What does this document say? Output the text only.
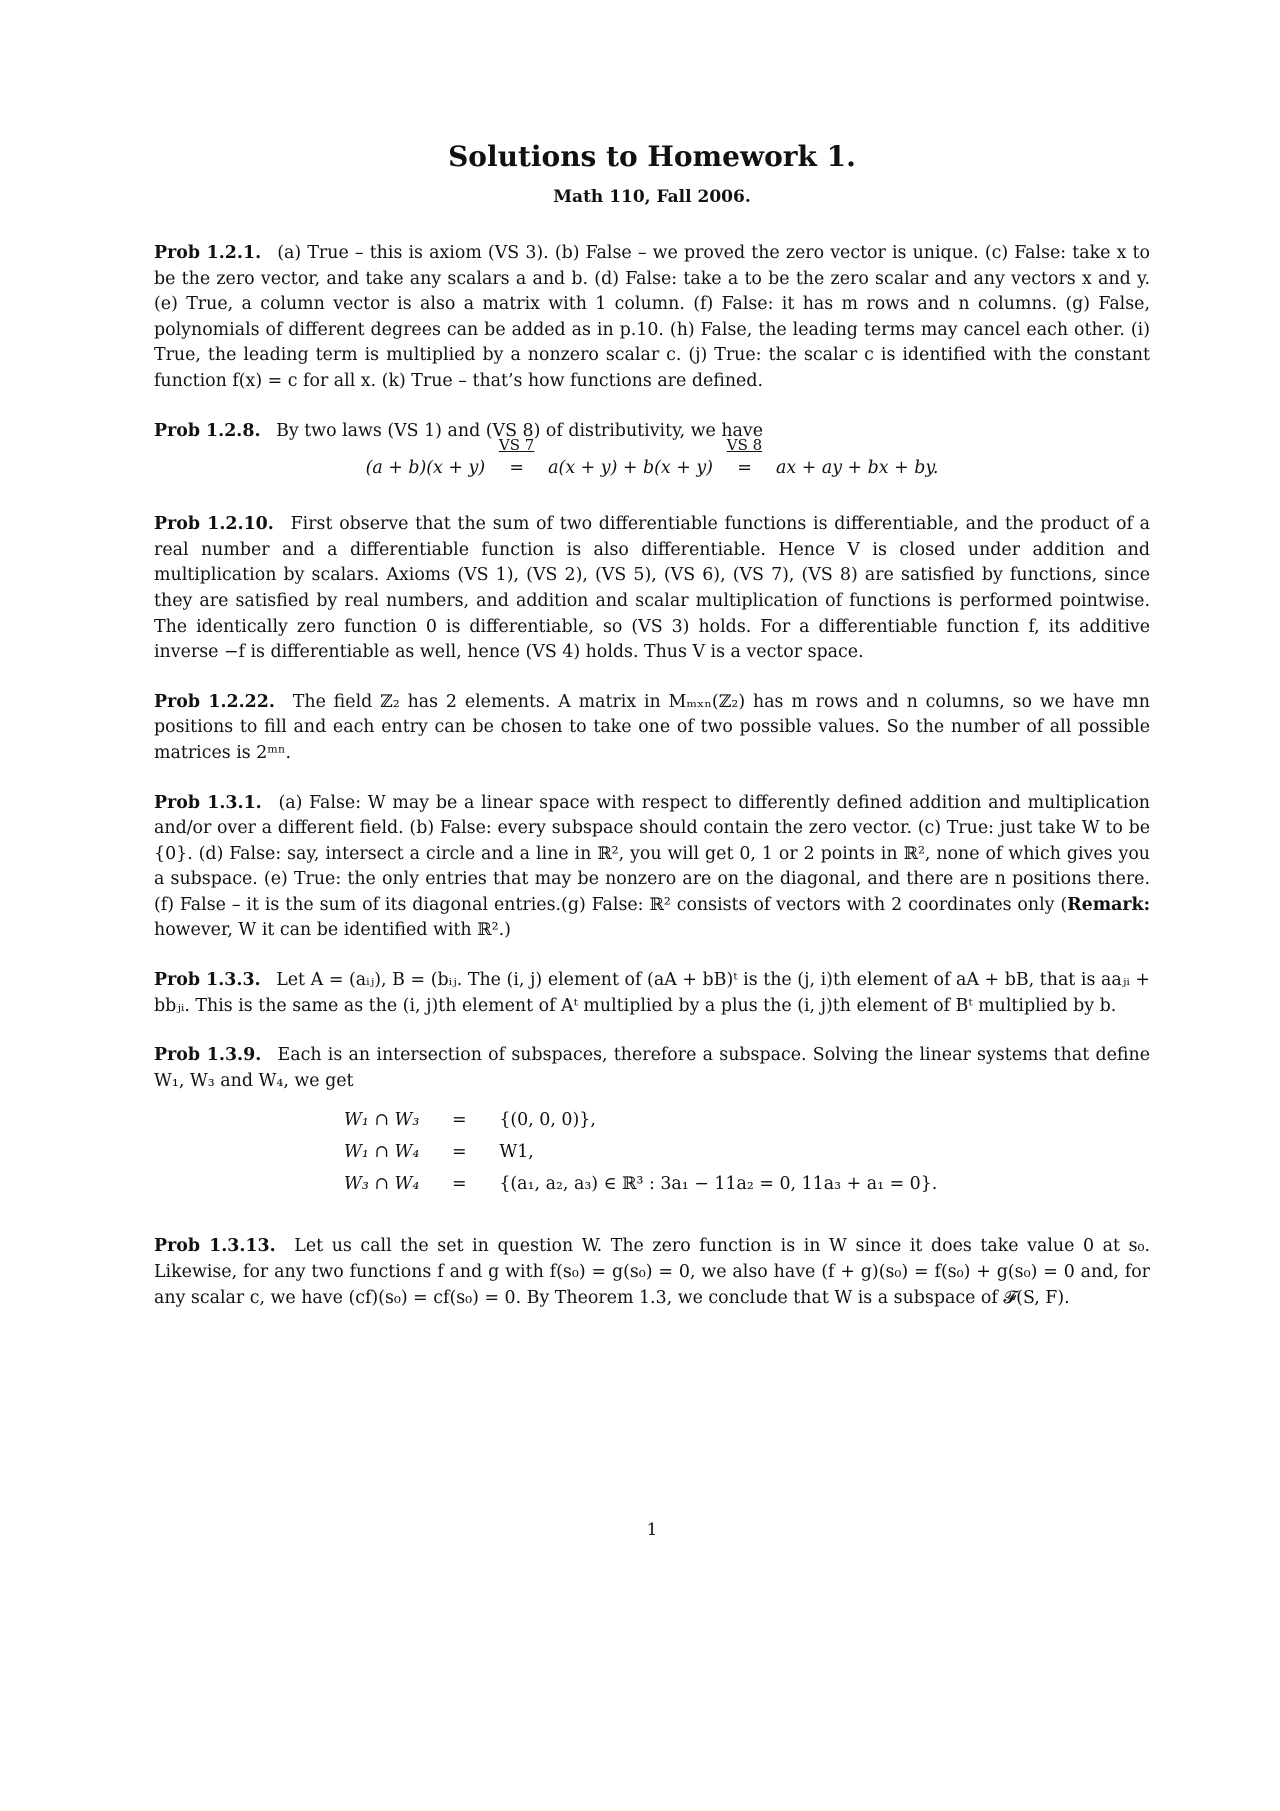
Solutions to Homework 1.
Math 110, Fall 2006.

Prob 1.2.1. (a) True – this is axiom (VS 3). (b) False – we proved the zero vector is unique. (c) False: take x to be the zero vector, and take any scalars a and b. (d) False: take a to be the zero scalar and any vectors x and y. (e) True, a column vector is also a matrix with 1 column. (f) False: it has m rows and n columns. (g) False, polynomials of different degrees can be added as in p.10. (h) False, the leading terms may cancel each other. (i) True, the leading term is multiplied by a nonzero scalar c. (j) True: the scalar c is identified with the constant function f(x) = c for all x. (k) True – that’s how functions are defined.

Prob 1.2.8. By two laws (VS 1) and (VS 8) of distributivity, we have

(a + b)(x + y)
VS 7
= a(x + y) + b(x + y)
VS 8
= ax + ay + bx + by.

Prob 1.2.10. First observe that the sum of two differentiable functions is differentiable, and the product of a real number and a differentiable function is also differentiable. Hence V is closed under addition and multiplication by scalars. Axioms (VS 1), (VS 2), (VS 5), (VS 6), (VS 7), (VS 8) are satisfied by functions, since they are satisfied by real numbers, and addition and scalar multiplication of functions is performed pointwise. The identically zero function 0 is differentiable, so (VS 3) holds. For a differentiable function f, its additive inverse −f is differentiable as well, hence (VS 4) holds. Thus V is a vector space.

Prob 1.2.22. The field ℤ₂ has 2 elements. A matrix in Mₘₓₙ(ℤ₂) has m rows and n columns, so we have mn positions to fill and each entry can be chosen to take one of two possible values. So the number of all possible matrices is 2ᵐⁿ.

Prob 1.3.1. (a) False: W may be a linear space with respect to differently defined addition and multiplication and/or over a different field. (b) False: every subspace should contain the zero vector. (c) True: just take W to be {0}. (d) False: say, intersect a circle and a line in ℝ², you will get 0, 1 or 2 points in ℝ², none of which gives you a subspace. (e) True: the only entries that may be nonzero are on the diagonal, and there are n positions there. (f) False – it is the sum of its diagonal entries.(g) False: ℝ² consists of vectors with 2 coordinates only (Remark: however, W it can be identified with ℝ².)

Prob 1.3.3. Let A = (aᵢⱼ), B = (bᵢⱼ. The (i, j) element of (aA + bB)ᵗ is the (j, i)th element of aA + bB, that is aaⱼᵢ + bbⱼᵢ. This is the same as the (i, j)th element of Aᵗ multiplied by a plus the (i, j)th element of Bᵗ multiplied by b.

Prob 1.3.9. Each is an intersection of subspaces, therefore a subspace. Solving the linear systems that define W₁, W₃ and W₄, we get

W₁ ∩ W₃	=	{(0, 0, 0)},
W₁ ∩ W₄	=	W1,
W₃ ∩ W₄	=	{(a₁, a₂, a₃) ∈ ℝ³ : 3a₁ − 11a₂ = 0, 11a₃ + a₁ = 0}.

Prob 1.3.13. Let us call the set in question W. The zero function is in W since it does take value 0 at s₀. Likewise, for any two functions f and g with f(s₀) = g(s₀) = 0, we also have (f + g)(s₀) = f(s₀) + g(s₀) = 0 and, for any scalar c, we have (cf)(s₀) = cf(s₀) = 0. By Theorem 1.3, we conclude that W is a subspace of 𝓕(S, F).

1
